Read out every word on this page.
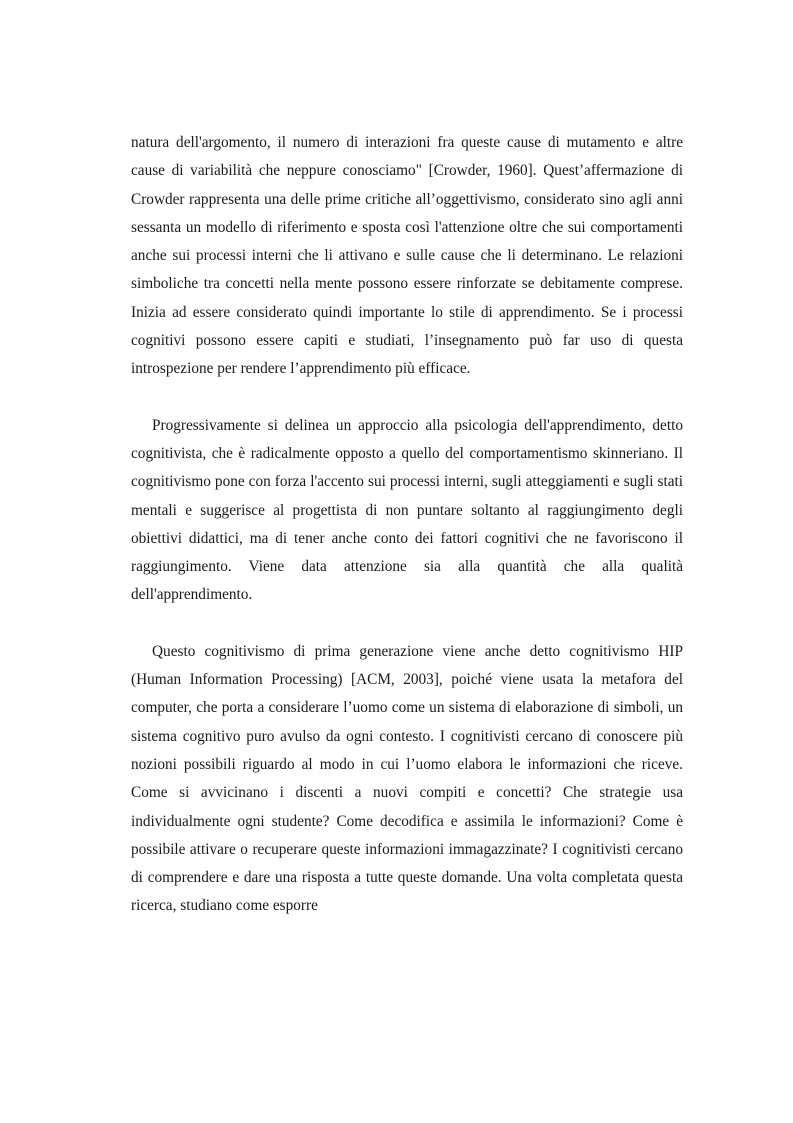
natura dell'argomento, il numero di interazioni fra queste cause di mutamento e altre cause di variabilità che neppure conosciamo" [Crowder, 1960]. Quest’affermazione di Crowder rappresenta una delle prime critiche all’oggettivismo, considerato sino agli anni sessanta un modello di riferimento e sposta così l'attenzione oltre che sui comportamenti anche sui processi interni che li attivano e sulle cause che li determinano. Le relazioni simboliche tra concetti nella mente possono essere rinforzate se debitamente comprese. Inizia ad essere considerato quindi importante lo stile di apprendimento. Se i processi cognitivi possono essere capiti e studiati, l’insegnamento può far uso di questa introspezione per rendere l’apprendimento più efficace.

Progressivamente si delinea un approccio alla psicologia dell'apprendimento, detto cognitivista, che è radicalmente opposto a quello del comportamentismo skinneriano. Il cognitivismo pone con forza l'accento sui processi interni, sugli atteggiamenti e sugli stati mentali e suggerisce al progettista di non puntare soltanto al raggiungimento degli obiettivi didattici, ma di tener anche conto dei fattori cognitivi che ne favoriscono il raggiungimento. Viene data attenzione sia alla quantità che alla qualità dell'apprendimento.

Questo cognitivismo di prima generazione viene anche detto cognitivismo HIP (Human Information Processing) [ACM, 2003], poiché viene usata la metafora del computer, che porta a considerare l’uomo come un sistema di elaborazione di simboli, un sistema cognitivo puro avulso da ogni contesto. I cognitivisti cercano di conoscere più nozioni possibili riguardo al modo in cui l’uomo elabora le informazioni che riceve. Come si avvicinano i discenti a nuovi compiti e concetti? Che strategie usa individualmente ogni studente? Come decodifica e assimila le informazioni? Come è possibile attivare o recuperare queste informazioni immagazzinate? I cognitivisti cercano di comprendere e dare una risposta a tutte queste domande. Una volta completata questa ricerca, studiano come esporre
